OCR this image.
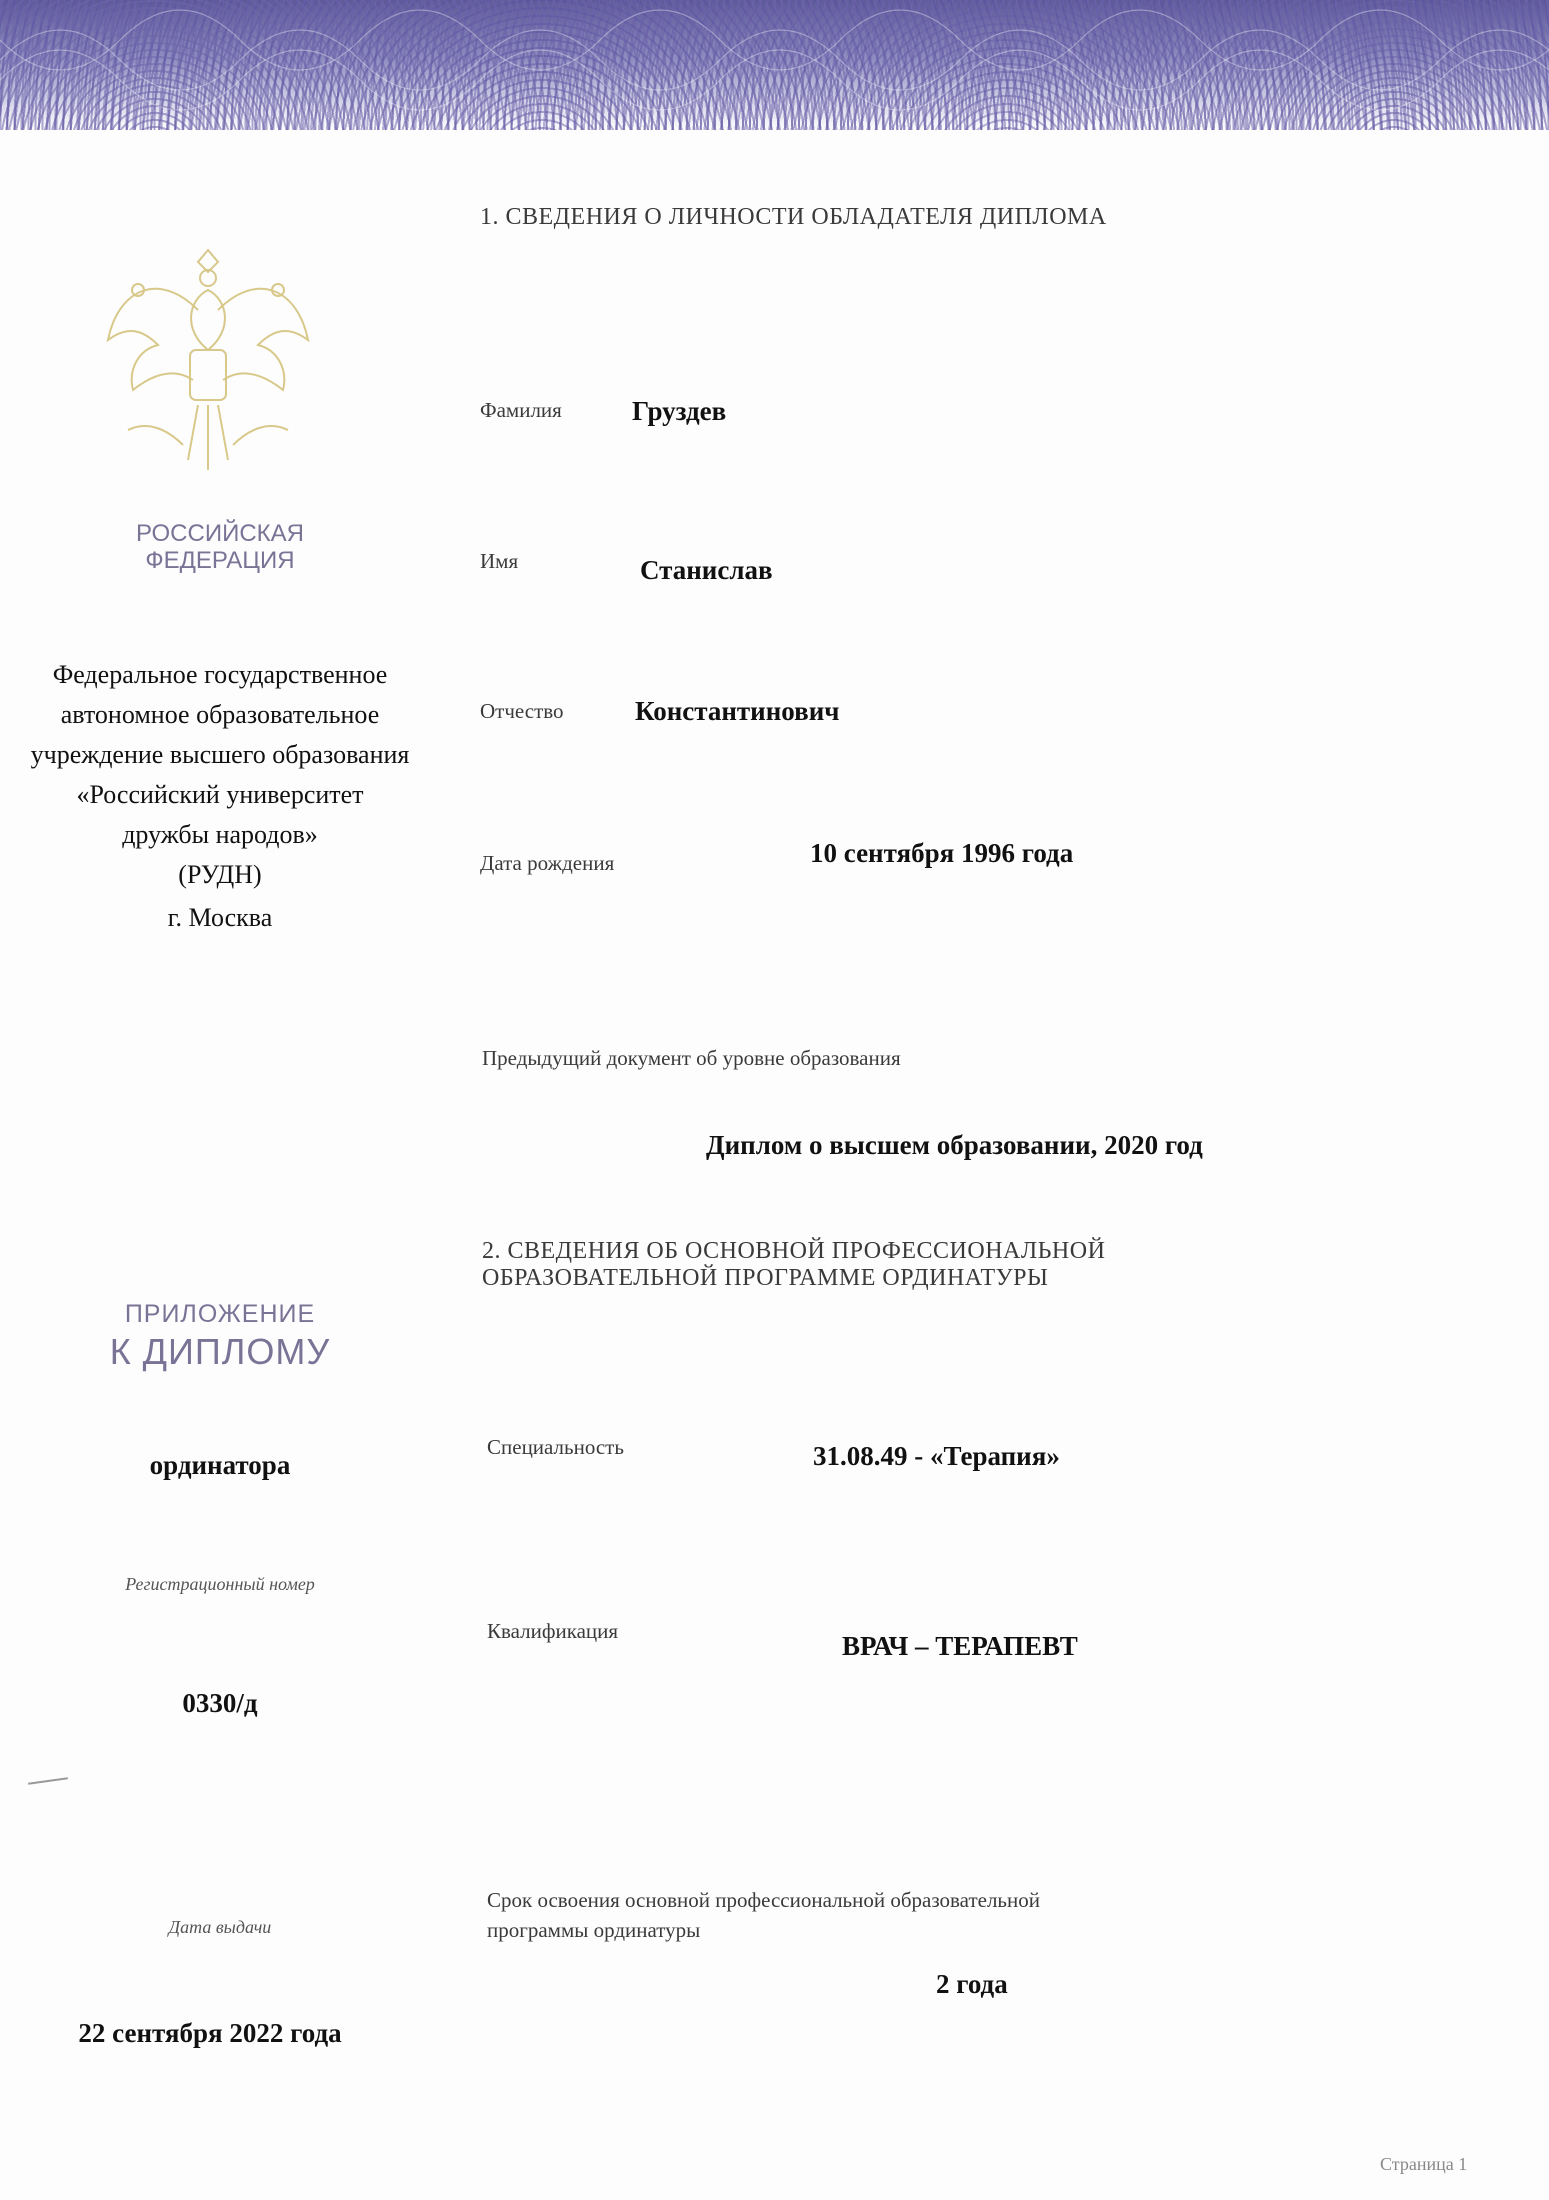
РОССИЙСКАЯ
ФЕДЕРАЦИЯ
Федеральное государственное
автономное образовательное
учреждение высшего образования
«Российский университет
дружбы народов»
(РУДН)
г. Москва
ПРИЛОЖЕНИЕ
К ДИПЛОМУ
ординатора
Регистрационный номер
0330/д
Дата выдачи
22 сентября 2022 года
1. СВЕДЕНИЯ О ЛИЧНОСТИ ОБЛАДАТЕЛЯ ДИПЛОМА
Фамилия	Груздев
Имя	Станислав
Отчество	Константинович
Дата рождения	10 сентября 1996 года
Предыдущий документ об уровне образования
Диплом о высшем образовании, 2020 год
2. СВЕДЕНИЯ ОБ ОСНОВНОЙ ПРОФЕССИОНАЛЬНОЙ
ОБРАЗОВАТЕЛЬНОЙ ПРОГРАММЕ ОРДИНАТУРЫ
Специальность	31.08.49 - «Терапия»
Квалификация	ВРАЧ – ТЕРАПЕВТ
Срок освоения основной профессиональной образовательной
программы ординатуры
2 года
Страница 1
